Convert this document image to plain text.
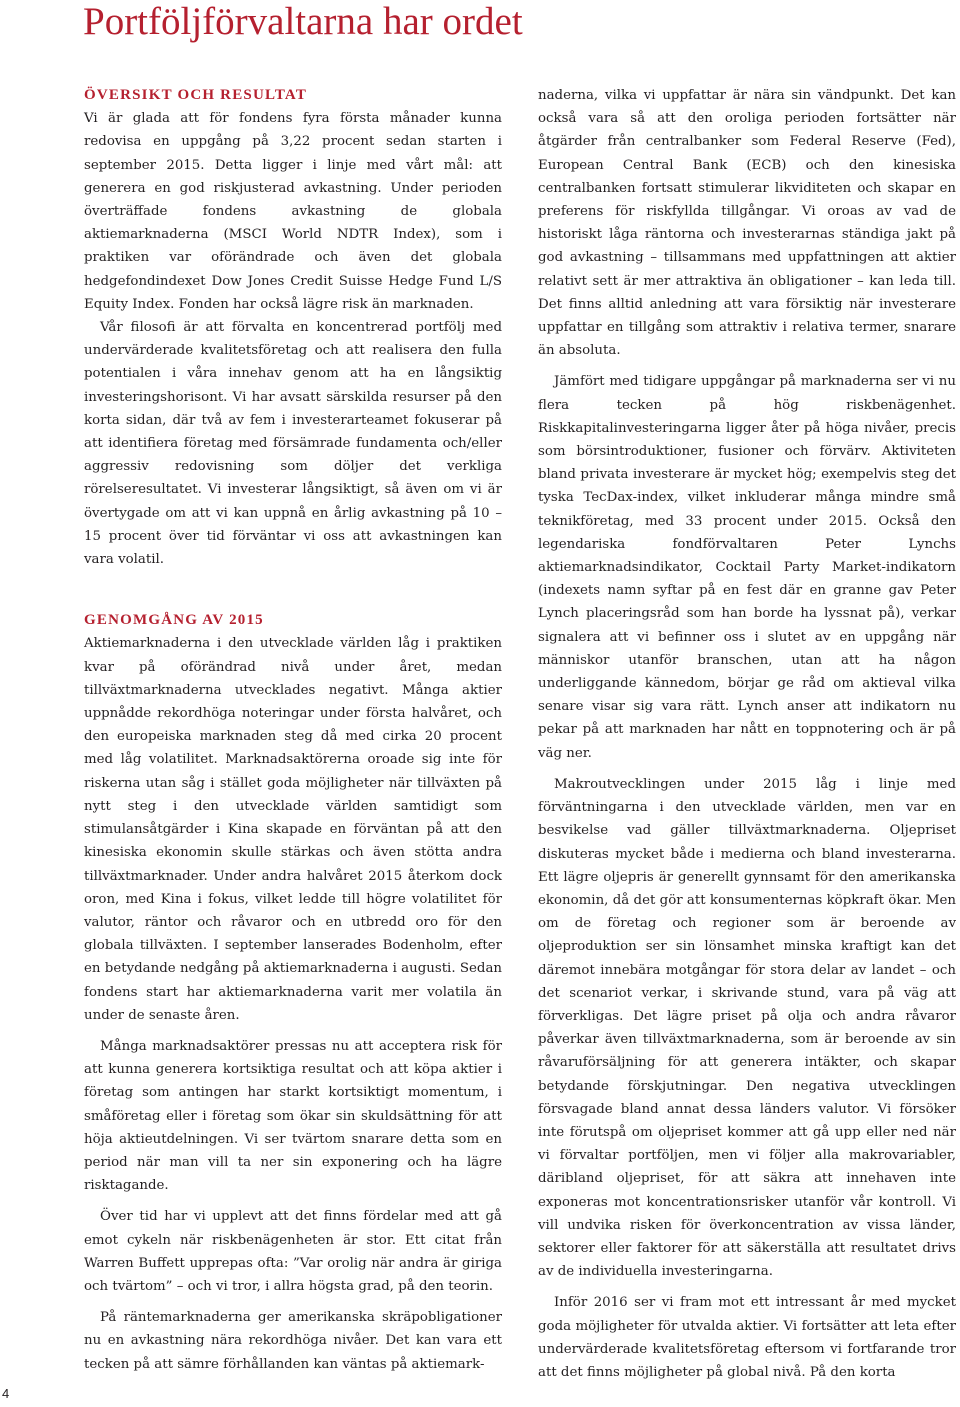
Portföljförvaltarna har ordet
ÖVERSIKT OCH RESULTAT

Vi är glada att för fondens fyra första månader kunna redovisa en uppgång på 3,22 procent sedan starten i september 2015. Detta ligger i linje med vårt mål: att generera en god riskjusterad avkastning. Under perioden överträffade fondens avkastning de globala aktiemarknaderna (MSCI World NDTR Index), som i praktiken var oförändrade och även det globala hedgefondindexet Dow Jones Credit Suisse Hedge Fund L/S Equity Index. Fonden har också lägre risk än marknaden.

Vår filosofi är att förvalta en koncentrerad portfölj med undervärderade kvalitetsföretag och att realisera den fulla potentialen i våra innehav genom att ha en långsiktig investeringshorisont. Vi har avsatt särskilda resurser på den korta sidan, där två av fem i investerarteamet fokuserar på att identifiera företag med försämrade fundamenta och/eller aggressiv redovisning som döljer det verkliga rörelseresultatet. Vi investerar långsiktigt, så även om vi är övertygade om att vi kan uppnå en årlig avkastning på 10 – 15 procent över tid förväntar vi oss att avkastningen kan vara volatil.

GENOMGÅNG AV 2015

Aktiemarknaderna i den utvecklade världen låg i praktiken kvar på oförändrad nivå under året, medan tillväxtmarknaderna utvecklades negativt. Många aktier uppnådde rekordhöga noteringar under första halvåret, och den europeiska marknaden steg då med cirka 20 procent med låg volatilitet. Marknadsaktörerna oroade sig inte för riskerna utan såg i stället goda möjligheter när tillväxten på nytt steg i den utvecklade världen samtidigt som stimulansåtgärder i Kina skapade en förväntan på att den kinesiska ekonomin skulle stärkas och även stötta andra tillväxtmarknader. Under andra halvåret 2015 återkom dock oron, med Kina i fokus, vilket ledde till högre volatilitet för valutor, räntor och råvaror och en utbredd oro för den globala tillväxten. I september lanserades Bodenholm, efter en betydande nedgång på aktiemarknaderna i augusti. Sedan fondens start har aktiemarknaderna varit mer volatila än under de senaste åren.

Många marknadsaktörer pressas nu att acceptera risk för att kunna generera kortsiktiga resultat och att köpa aktier i företag som antingen har starkt kortsiktigt momentum, i småföretag eller i företag som ökar sin skuldsättning för att höja aktieutdelningen. Vi ser tvärtom snarare detta som en period när man vill ta ner sin exponering och ha lägre risktagande.

Över tid har vi upplevt att det finns fördelar med att gå emot cykeln när riskbenägenheten är stor. Ett citat från Warren Buffett upprepas ofta: ”Var orolig när andra är giriga och tvärtom” – och vi tror, i allra högsta grad, på den teorin.

På räntemarknaderna ger amerikanska skräpobligationer nu en avkastning nära rekordhöga nivåer. Det kan vara ett tecken på att sämre förhållanden kan väntas på aktiemark-

naderna, vilka vi uppfattar är nära sin vändpunkt. Det kan också vara så att den oroliga perioden fortsätter när åtgärder från centralbanker som Federal Reserve (Fed), European Central Bank (ECB) och den kinesiska centralbanken fortsatt stimulerar likviditeten och skapar en preferens för riskfyllda tillgångar. Vi oroas av vad de historiskt låga räntorna och investerarnas ständiga jakt på god avkastning – tillsammans med uppfattningen att aktier relativt sett är mer attraktiva än obligationer – kan leda till. Det finns alltid anledning att vara försiktig när investerare uppfattar en tillgång som attraktiv i relativa termer, snarare än absoluta.

Jämfört med tidigare uppgångar på marknaderna ser vi nu flera tecken på hög riskbenägenhet. Riskkapitalinvesteringarna ligger åter på höga nivåer, precis som börsintroduktioner, fusioner och förvärv. Aktiviteten bland privata investerare är mycket hög; exempelvis steg det tyska TecDax-index, vilket inkluderar många mindre små teknikföretag, med 33 procent under 2015. Också den legendariska fondförvaltaren Peter Lynchs aktiemarknadsindikator, Cocktail Party Market-indikatorn (indexets namn syftar på en fest där en granne gav Peter Lynch placeringsråd som han borde ha lyssnat på), verkar signalera att vi befinner oss i slutet av en uppgång när människor utanför branschen, utan att ha någon underliggande kännedom, börjar ge råd om aktieval vilka senare visar sig vara rätt. Lynch anser att indikatorn nu pekar på att marknaden har nått en toppnotering och är på väg ner.

Makroutvecklingen under 2015 låg i linje med förväntningarna i den utvecklade världen, men var en besvikelse vad gäller tillväxtmarknaderna. Oljepriset diskuteras mycket både i medierna och bland investerarna. Ett lägre oljepris är generellt gynnsamt för den amerikanska ekonomin, då det gör att konsumenternas köpkraft ökar. Men om de företag och regioner som är beroende av oljeproduktion ser sin lönsamhet minska kraftigt kan det däremot innebära motgångar för stora delar av landet – och det scenariot verkar, i skrivande stund, vara på väg att förverkligas. Det lägre priset på olja och andra råvaror påverkar även tillväxtmarknaderna, som är beroende av sin råvaruförsäljning för att generera intäkter, och skapar betydande förskjutningar. Den negativa utvecklingen försvagade bland annat dessa länders valutor. Vi försöker inte förutspå om oljepriset kommer att gå upp eller ned när vi förvaltar portföljen, men vi följer alla makrovariabler, däribland oljepriset, för att säkra att innehaven inte exponeras mot koncentrationsrisker utanför vår kontroll. Vi vill undvika risken för överkoncentration av vissa länder, sektorer eller faktorer för att säkerställa att resultatet drivs av de individuella investeringarna.

Inför 2016 ser vi fram mot ett intressant år med mycket goda möjligheter för utvalda aktier. Vi fortsätter att leta efter undervärderade kvalitetsföretag eftersom vi fortfarande tror att det finns möjligheter på global nivå. På den korta

4
